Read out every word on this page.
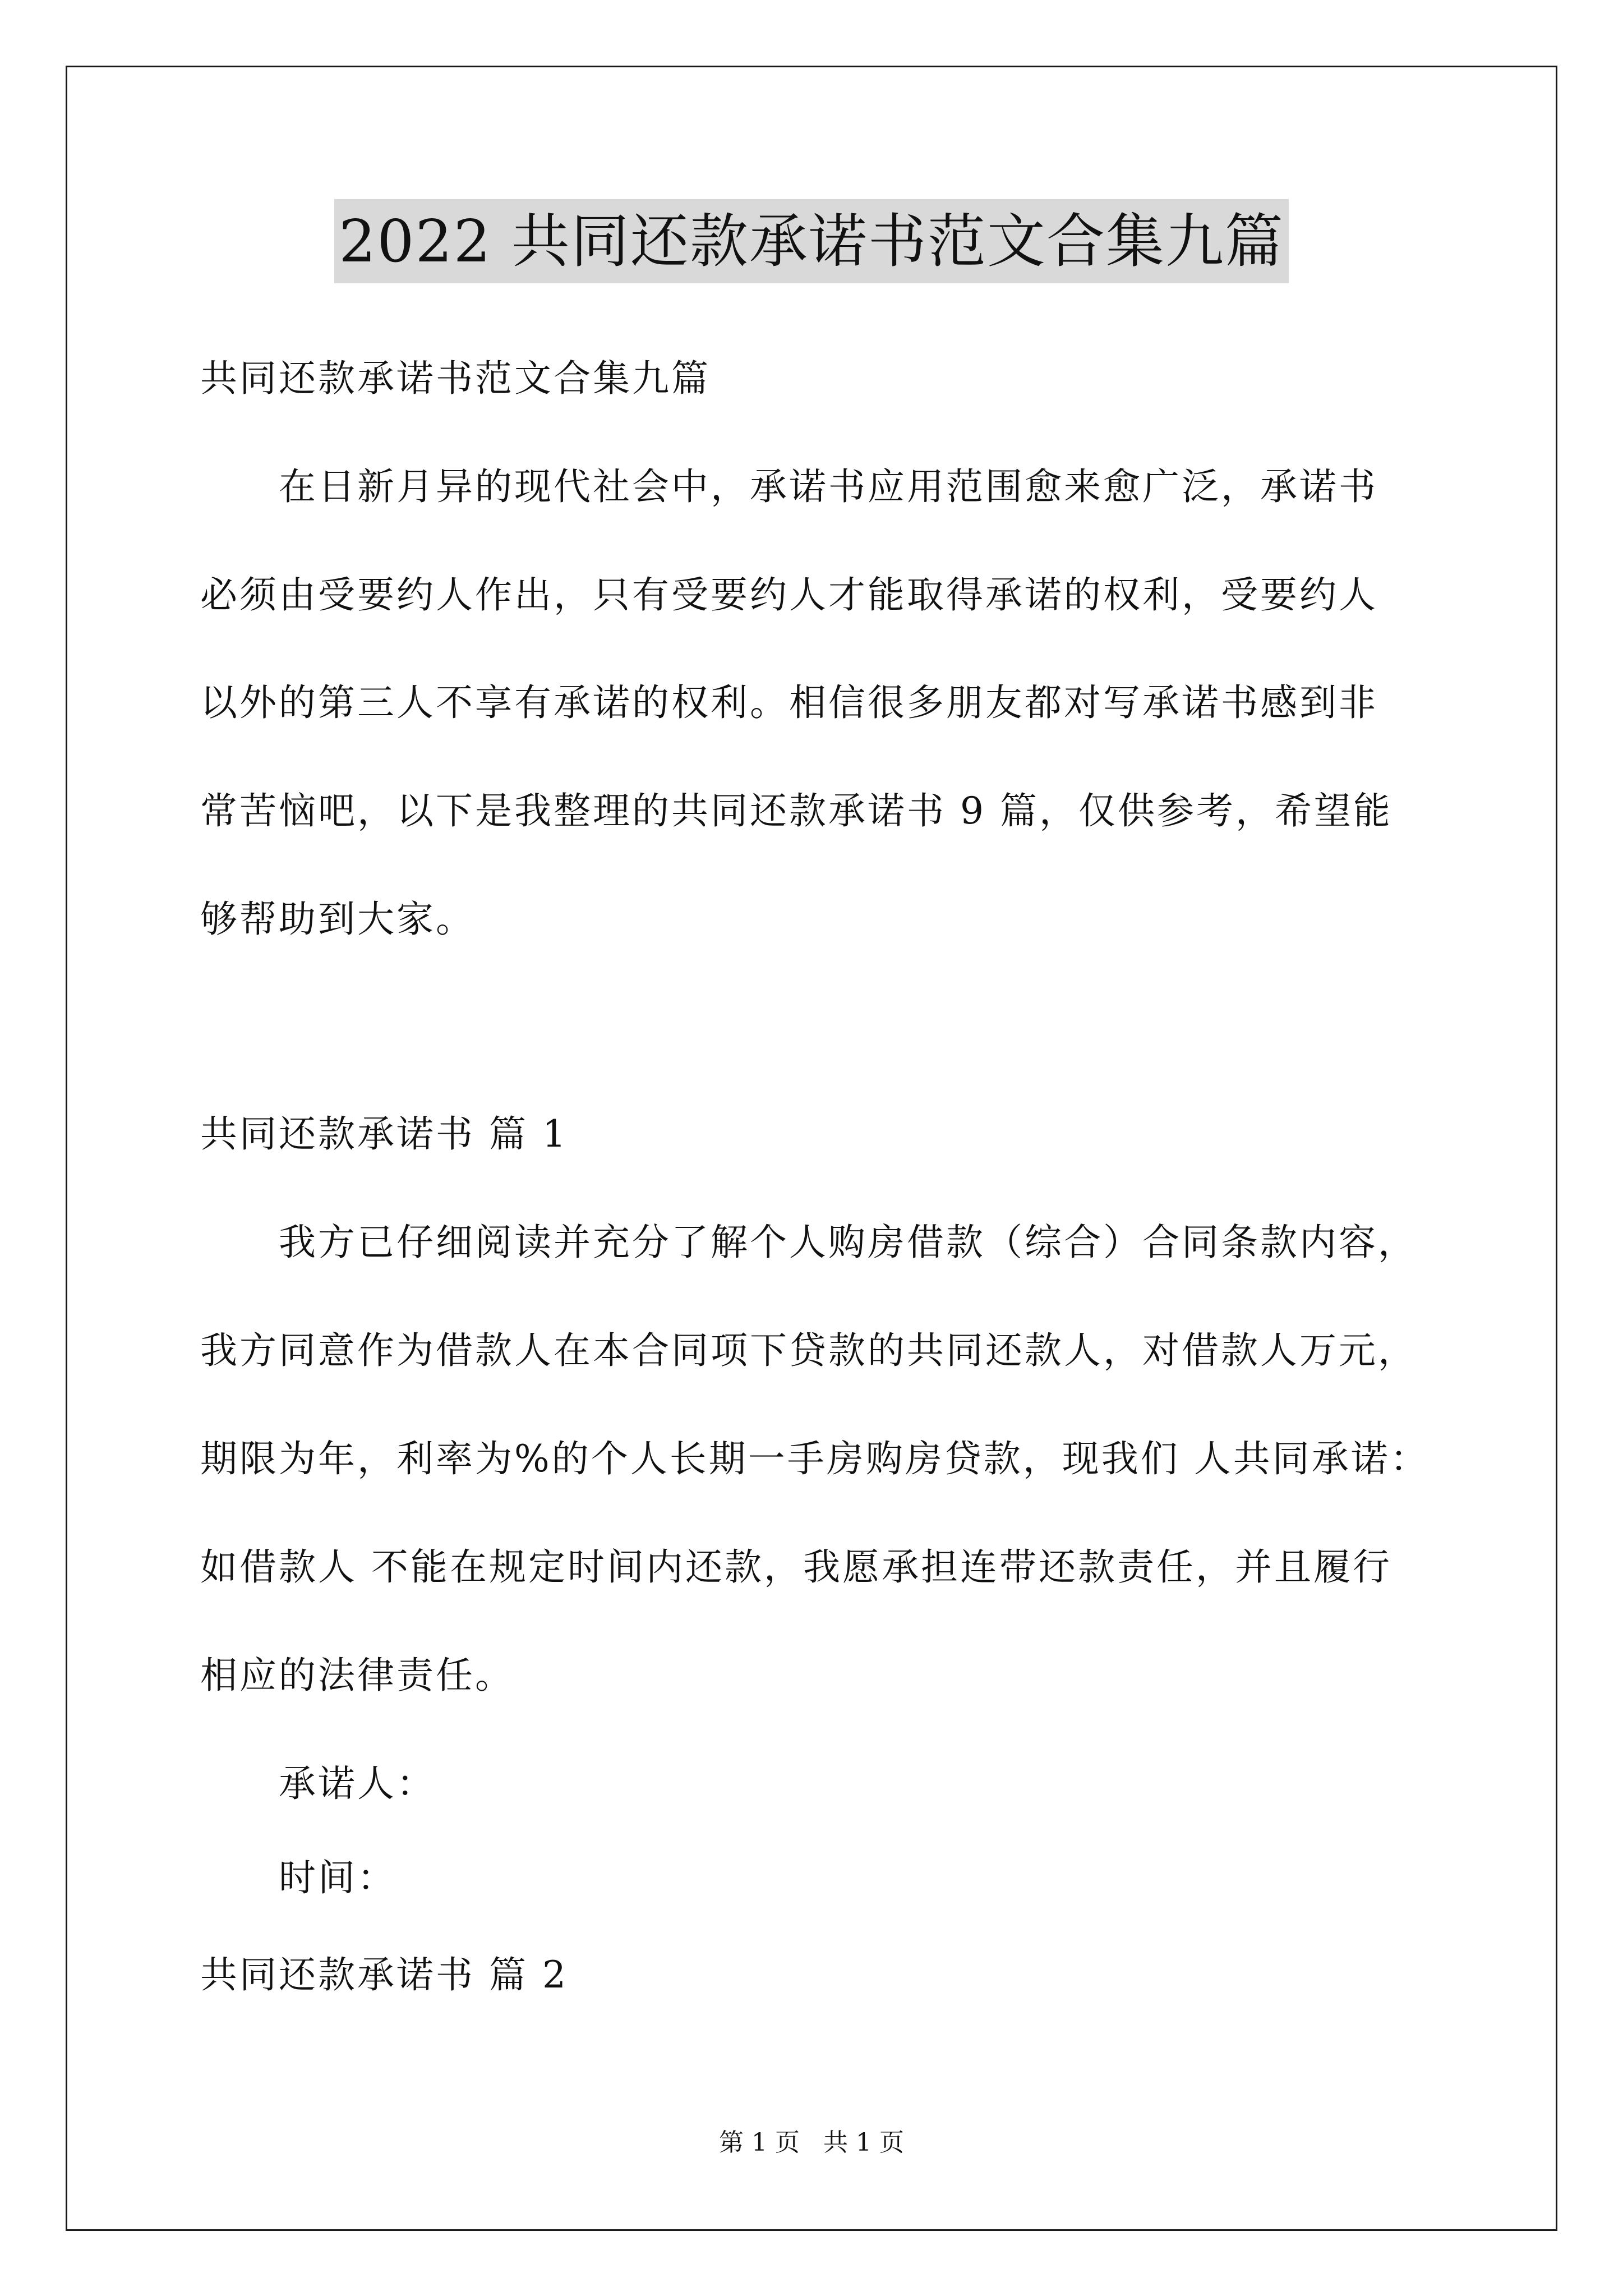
2022 共同还款承诺书范文合集九篇
共同还款承诺书范文合集九篇
在日新月异的现代社会中，承诺书应用范围愈来愈广泛，承诺书
必须由受要约人作出，只有受要约人才能取得承诺的权利，受要约人
以外的第三人不享有承诺的权利。相信很多朋友都对写承诺书感到非
常苦恼吧，以下是我整理的共同还款承诺书 9 篇，仅供参考，希望能
够帮助到大家。
共同还款承诺书 篇 1
我方已仔细阅读并充分了解个人购房借款（综合）合同条款内容，
我方同意作为借款人在本合同项下贷款的共同还款人，对借款人万元，
期限为年，利率为%的个人长期一手房购房贷款，现我们 人共同承诺：
如借款人 不能在规定时间内还款，我愿承担连带还款责任，并且履行
相应的法律责任。
承诺人：
时间：
共同还款承诺书 篇 2
第 1 页 共 1 页
